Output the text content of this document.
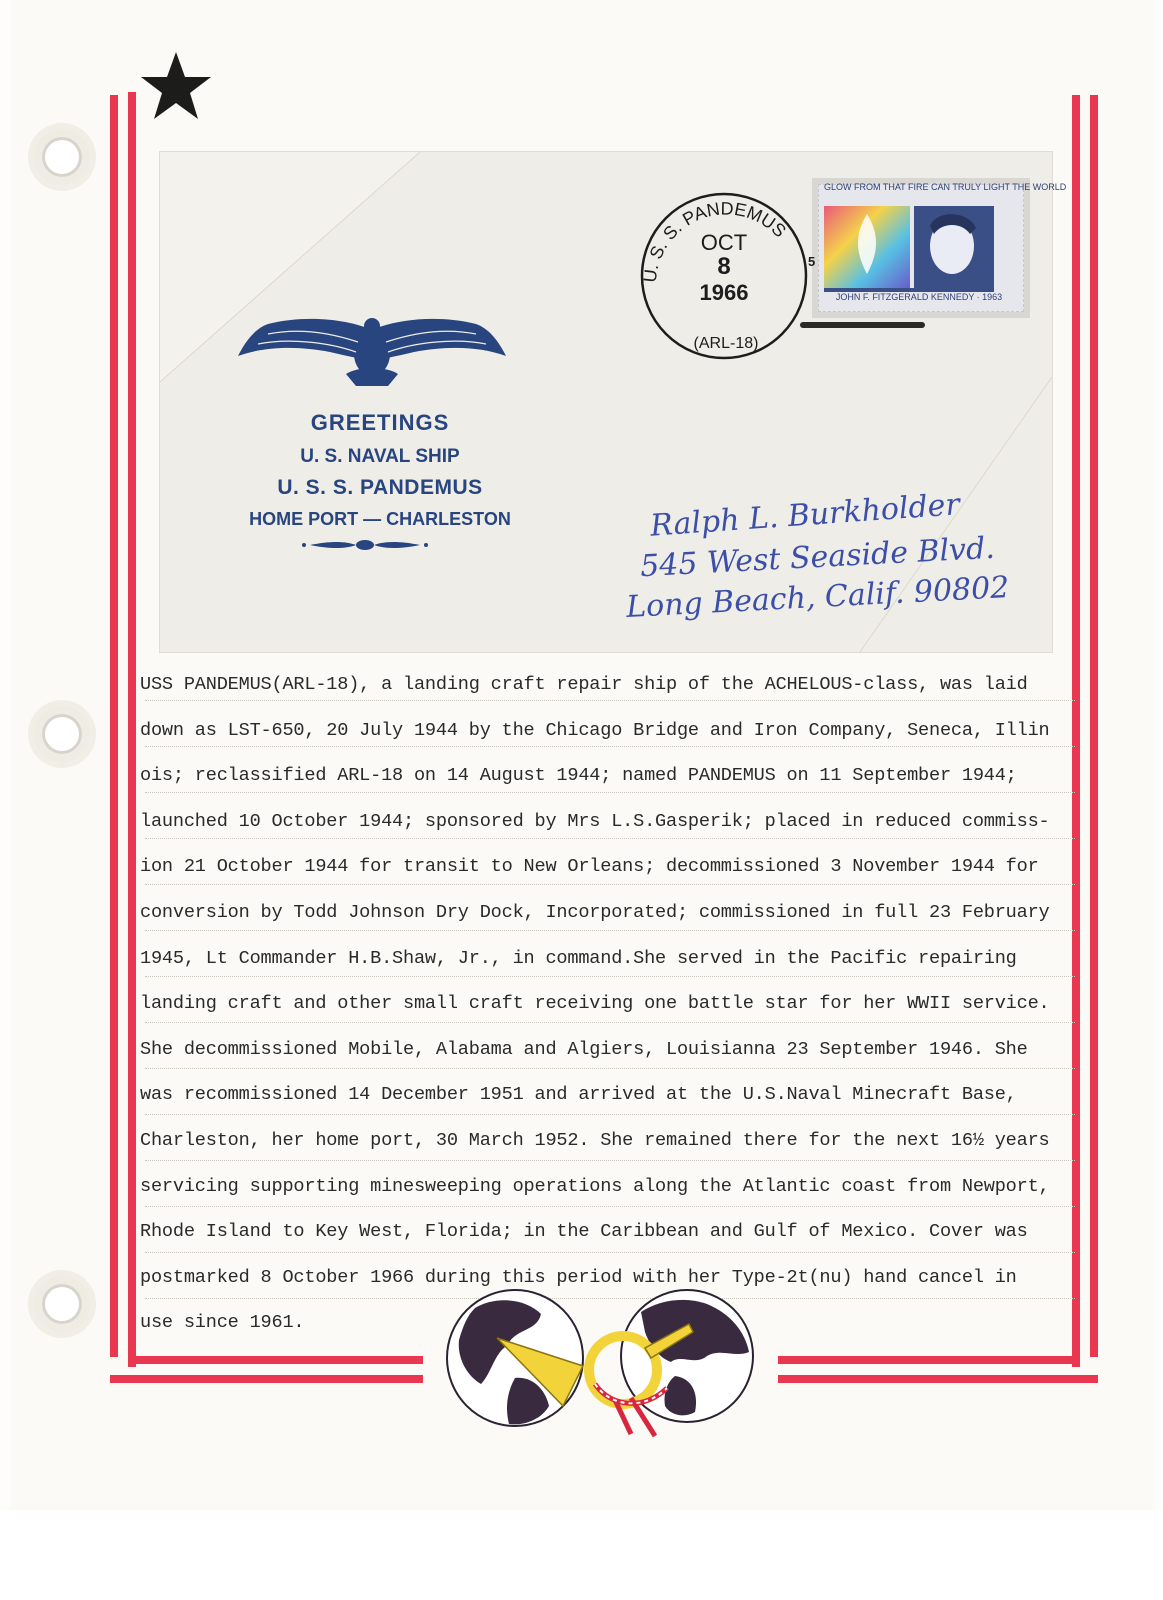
GREETINGS
U. S. NAVAL SHIP
U. S. S. PANDEMUS
HOME PORT — CHARLESTON
U. S. S. PANDEMUS
OCT
8
1966
(ARL-18)
GLOW FROM THAT FIRE CAN TRULY LIGHT THE WORLD
JOHN F. FITZGERALD KENNEDY · 1963
5
Ralph L. Burkholder
545 West Seaside Blvd.
Long Beach, Calif. 90802
USS PANDEMUS(ARL-18), a landing craft repair ship of the ACHELOUS-class, was laid
down as LST-650, 20 July 1944 by the Chicago Bridge and Iron Company, Seneca, Illin
ois; reclassified ARL-18 on 14 August 1944; named PANDEMUS on 11 September 1944;
launched 10 October 1944; sponsored by Mrs L.S.Gasperik; placed in reduced commiss-
ion 21 October 1944 for transit to New Orleans; decommissioned 3 November 1944 for
conversion by Todd Johnson Dry Dock, Incorporated; commissioned in full 23 February
1945, Lt Commander H.B.Shaw, Jr., in command.She served in the Pacific repairing
landing craft and other small craft receiving one battle star for her WWII service.
She decommissioned Mobile, Alabama and Algiers, Louisianna 23 September 1946. She
was recommissioned 14 December 1951 and arrived at the U.S.Naval Minecraft Base,
Charleston, her home port, 30 March 1952. She remained there for the next 16½ years
servicing supporting minesweeping operations along the Atlantic coast from Newport,
Rhode Island to Key West, Florida; in the Caribbean and Gulf of Mexico. Cover was
postmarked 8 October 1966 during this period with her Type-2t(nu) hand cancel in
use since 1961.
